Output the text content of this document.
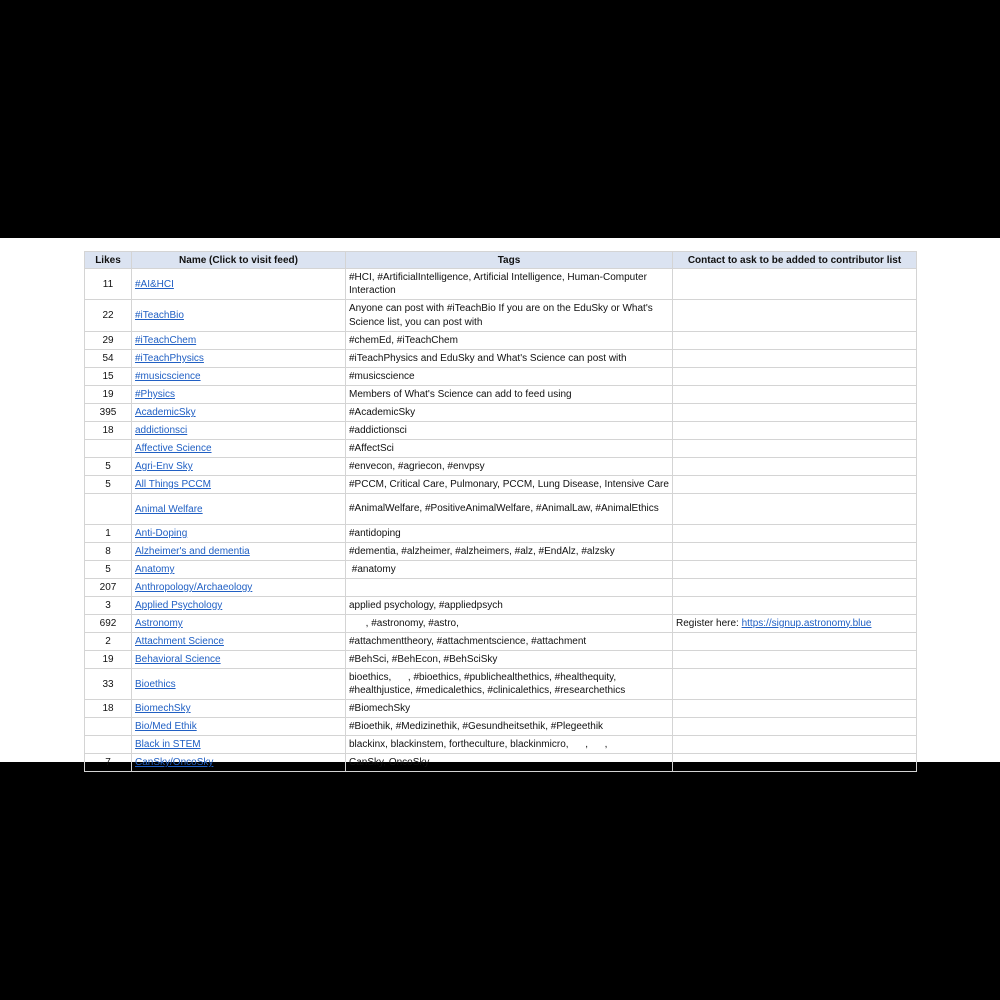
Likes	Name (Click to visit feed)	Tags	Contact to ask to be added to contributor list
11	#AI&HCI	#HCI, #ArtificialIntelligence, Artificial Intelligence, Human-Computer Interaction	
22	#iTeachBio	Anyone can post with #iTeachBio If you are on the EduSky or What's Science list, you can post with	
29	#iTeachChem	#chemEd, #iTeachChem	
54	#iTeachPhysics	#iTeachPhysics and EduSky and What's Science can post with	
15	#musicscience	#musicscience	
19	#Physics	Members of What's Science can add to feed using	
395	AcademicSky	#AcademicSky	
18	addictionsci	#addictionsci	
	Affective Science	#AffectSci	
5	Agri-Env Sky	#envecon, #agriecon, #envpsy	
5	All Things PCCM	#PCCM, Critical Care, Pulmonary, PCCM, Lung Disease, Intensive Care	
	Animal Welfare	#AnimalWelfare, #PositiveAnimalWelfare, #AnimalLaw, #AnimalEthics	
1	Anti-Doping	#antidoping	
8	Alzheimer's and dementia	#dementia, #alzheimer, #alzheimers, #alz, #EndAlz, #alzsky	
5	Anatomy	#anatomy	
207	Anthropology/Archaeology		
3	Applied Psychology	applied psychology, #appliedpsych	
692	Astronomy	, #astronomy, #astro,	Register here: https://signup.astronomy.blue
2	Attachment Science	#attachmenttheory, #attachmentscience, #attachment	
19	Behavioral Science	#BehSci, #BehEcon, #BehSciSky	
33	Bioethics	bioethics,      , #bioethics, #publichealthethics, #healthequity, #healthjustice, #medicalethics, #clinicalethics, #researchethics	
18	BiomechSky	#BiomechSky	
	Bio/Med Ethik	#Bioethik, #Medizinethik, #Gesundheitsethik, #Plegeethik	
	Black in STEM	blackinx, blackinstem, fortheculture, blackinmicro,      ,      ,	
7	CanSky/OncoSky	CanSky, OncoSky	
